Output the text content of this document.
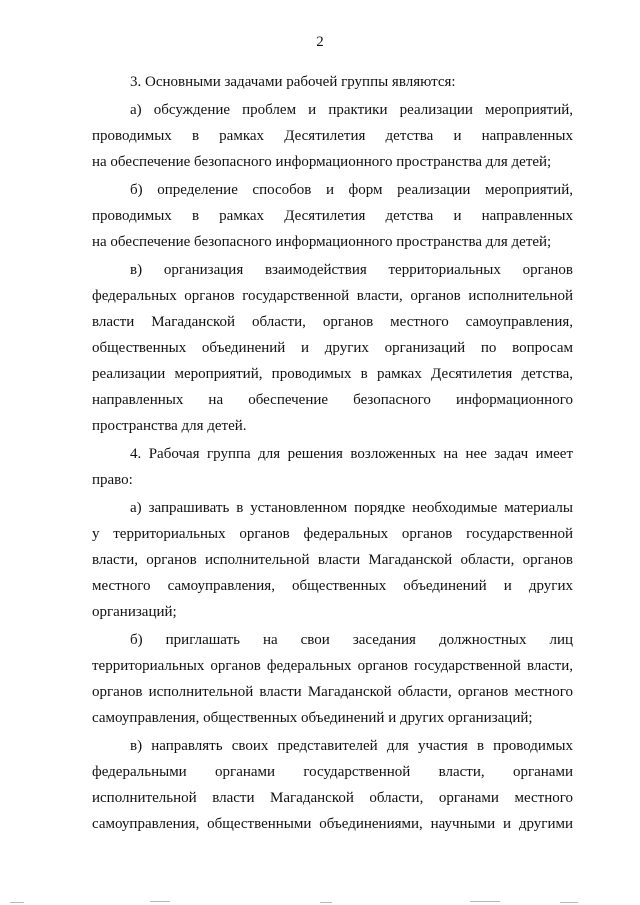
2

3. Основными задачами рабочей группы являются:

а) обсуждение проблем и практики реализации мероприятий,
проводимых в рамках Десятилетия детства и направленных
на обеспечение безопасного информационного пространства для детей;

б) определение способов и форм реализации мероприятий,
проводимых в рамках Десятилетия детства и направленных
на обеспечение безопасного информационного пространства для детей;

в) организация взаимодействия территориальных органов
федеральных органов государственной власти, органов исполнительной
власти Магаданской области, органов местного самоуправления,
общественных объединений и других организаций по вопросам
реализации мероприятий, проводимых в рамках Десятилетия детства,
направленных на обеспечение безопасного информационного
пространства для детей.

4. Рабочая группа для решения возложенных на нее задач имеет
право:

а) запрашивать в установленном порядке необходимые материалы
у территориальных органов федеральных органов государственной
власти, органов исполнительной власти Магаданской области, органов
местного самоуправления, общественных объединений и других
организаций;

б) приглашать на свои заседания должностных лиц
территориальных органов федеральных органов государственной власти,
органов исполнительной власти Магаданской области, органов местного
самоуправления, общественных объединений и других организаций;

в) направлять своих представителей для участия в проводимых
федеральными органами государственной власти, органами
исполнительной власти Магаданской области, органами местного
самоуправления, общественными объединениями, научными и другими
